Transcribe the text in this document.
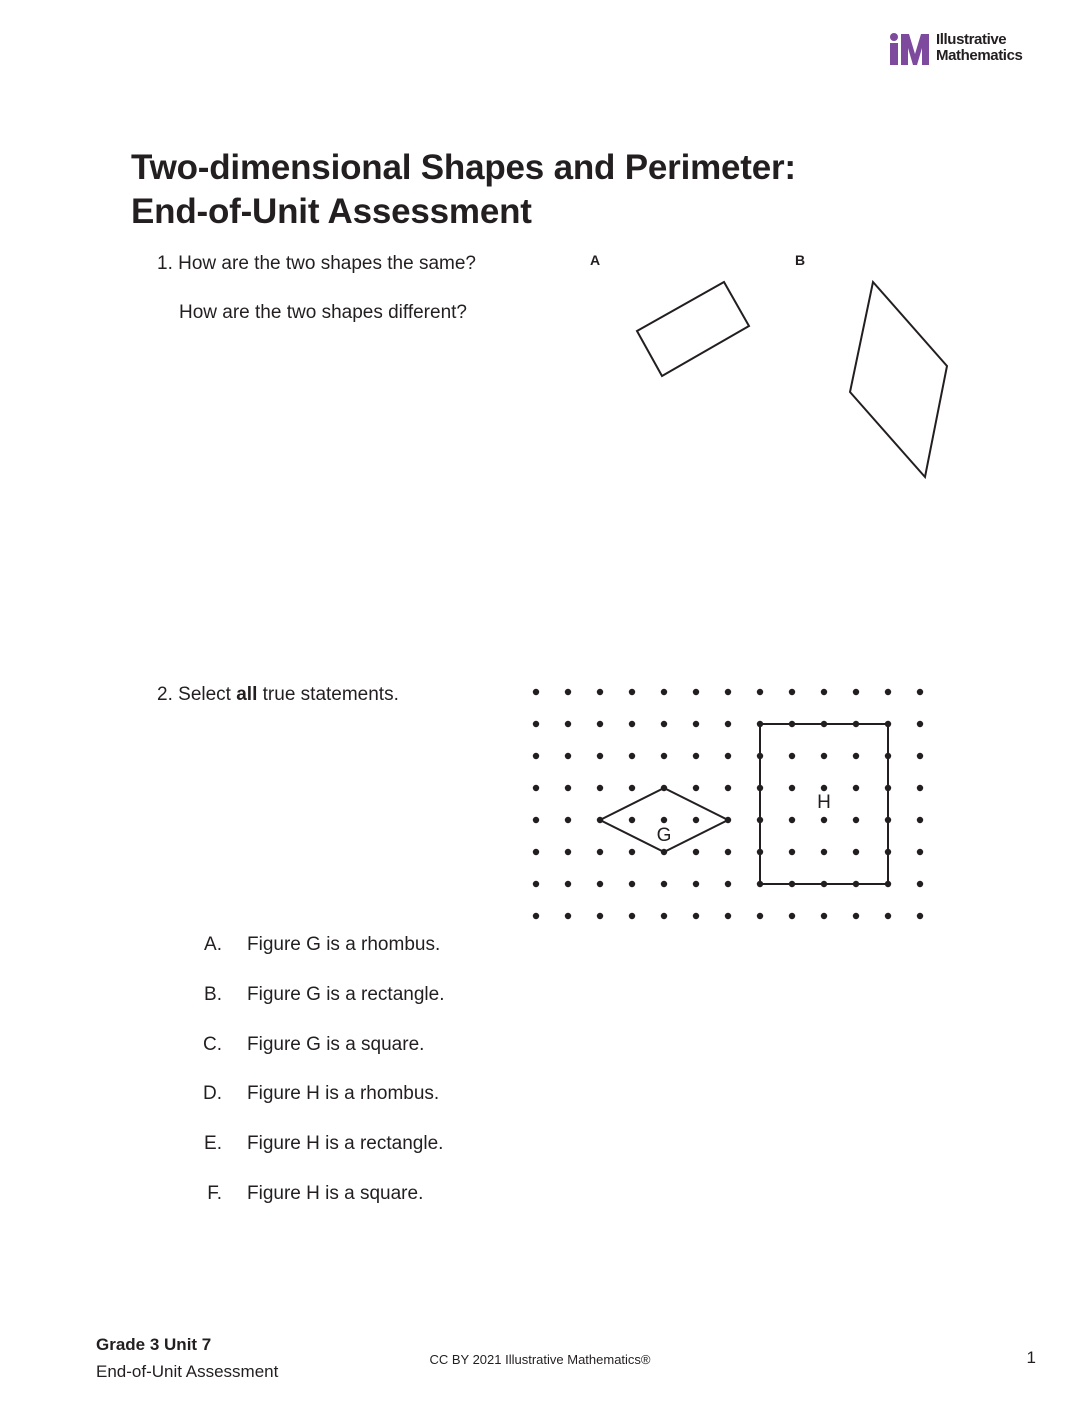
Illustrative
Mathematics
Two-dimensional Shapes and Perimeter:
End-of-Unit Assessment
1. How are the two shapes the same?
How are the two shapes different?
A	B
2. Select all true statements.
G
H
A. Figure G is a rhombus.
B. Figure G is a rectangle.
C. Figure G is a square.
D. Figure H is a rhombus.
E. Figure H is a rectangle.
F. Figure H is a square.
Grade 3 Unit 7
End-of-Unit Assessment
CC BY 2021 Illustrative Mathematics®	1
